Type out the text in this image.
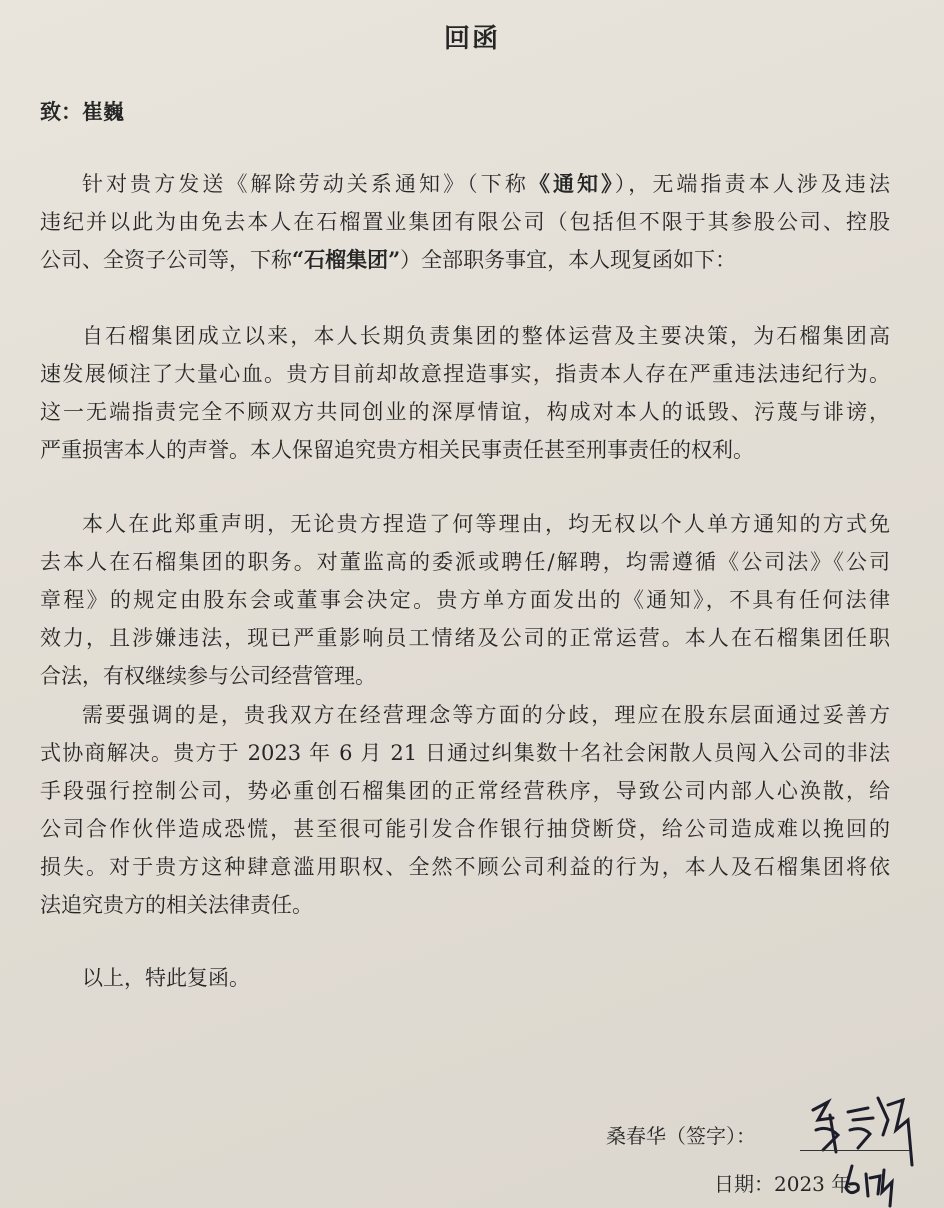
回函
致：崔巍
针对贵方发送《解除劳动关系通知》（下称《通知》），无端指责本人涉及违法
违纪并以此为由免去本人在石榴置业集团有限公司（包括但不限于其参股公司、控股
公司、全资子公司等，下称“石榴集团”）全部职务事宜，本人现复函如下：
自石榴集团成立以来，本人长期负责集团的整体运营及主要决策，为石榴集团高
速发展倾注了大量心血。贵方目前却故意捏造事实，指责本人存在严重违法违纪行为。
这一无端指责完全不顾双方共同创业的深厚情谊，构成对本人的诋毁、污蔑与诽谤，
严重损害本人的声誉。本人保留追究贵方相关民事责任甚至刑事责任的权利。
本人在此郑重声明，无论贵方捏造了何等理由，均无权以个人单方通知的方式免
去本人在石榴集团的职务。对董监高的委派或聘任/解聘，均需遵循《公司法》《公司
章程》的规定由股东会或董事会决定。贵方单方面发出的《通知》，不具有任何法律
效力，且涉嫌违法，现已严重影响员工情绪及公司的正常运营。本人在石榴集团任职
合法，有权继续参与公司经营管理。
需要强调的是，贵我双方在经营理念等方面的分歧，理应在股东层面通过妥善方
式协商解决。贵方于 2023 年 6 月 21 日通过纠集数十名社会闲散人员闯入公司的非法
手段强行控制公司，势必重创石榴集团的正常经营秩序，导致公司内部人心涣散，给
公司合作伙伴造成恐慌，甚至很可能引发合作银行抽贷断贷，给公司造成难以挽回的
损失。对于贵方这种肆意滥用职权、全然不顾公司利益的行为，本人及石榴集团将依
法追究贵方的相关法律责任。
以上，特此复函。
桑春华（签字）：
日期：2023 年
